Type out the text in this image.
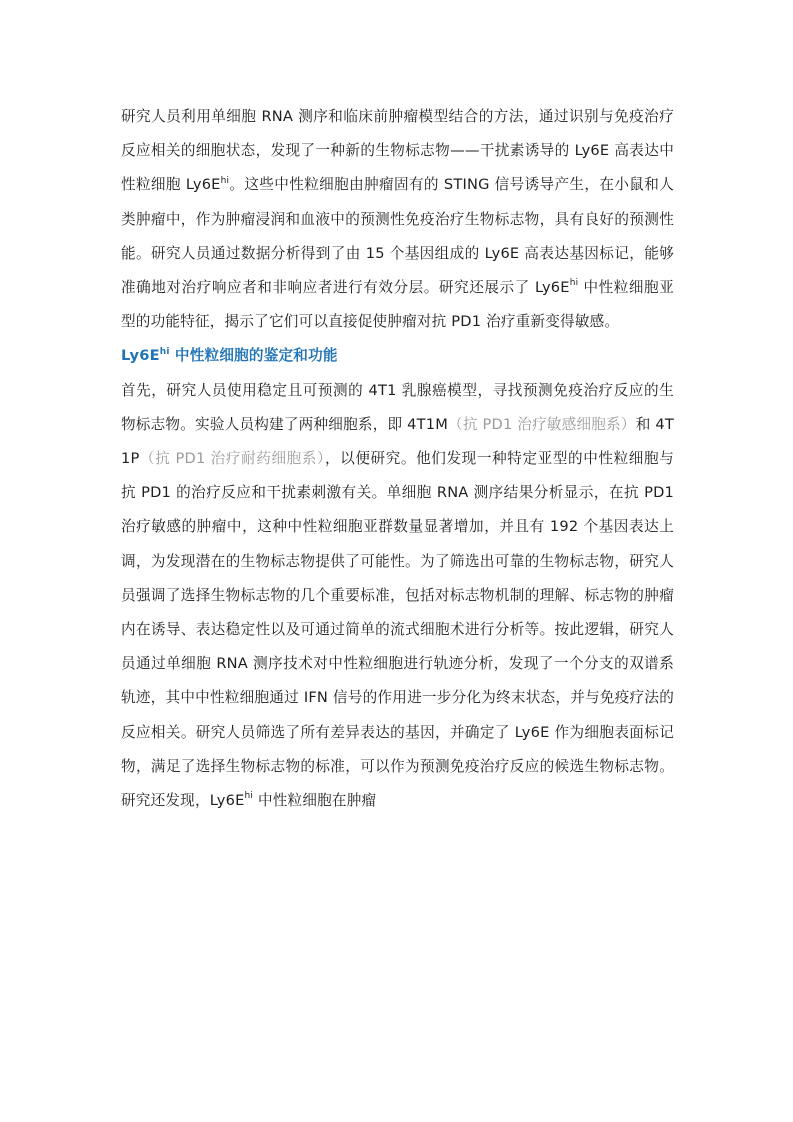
研究人员利用单细胞 RNA 测序和临床前肿瘤模型结合的方法，通过识别与免疫治疗反应相关的细胞状态，发现了一种新的生物标志物——干扰素诱导的 Ly6E 高表达中性粒细胞 $Ly6E^{hi}$。这些中性粒细胞由肿瘤固有的 STING 信号诱导产生，在小鼠和人类肿瘤中，作为肿瘤浸润和血液中的预测性免疫治疗生物标志物，具有良好的预测性能。研究人员通过数据分析得到了由 15 个基因组成的 Ly6E 高表达基因标记，能够准确地对治疗响应者和非响应者进行有效分层。研究还展示了 $Ly6E^{hi}$ 中性粒细胞亚型的功能特征，揭示了它们可以直接促使肿瘤对抗 PD1 治疗重新变得敏感。

$Ly6E^{hi}$ 中性粒细胞的鉴定和功能

首先，研究人员使用稳定且可预测的 4T1 乳腺癌模型，寻找预测免疫治疗反应的生物标志物。实验人员构建了两种细胞系，即 4T1M（抗 PD1 治疗敏感细胞系）和 4T1P（抗 PD1 治疗耐药细胞系），以便研究。他们发现一种特定亚型的中性粒细胞与抗 PD1 的治疗反应和干扰素刺激有关。单细胞 RNA 测序结果分析显示，在抗 PD1 治疗敏感的肿瘤中，这种中性粒细胞亚群数量显著增加，并且有 192 个基因表达上调，为发现潜在的生物标志物提供了可能性。为了筛选出可靠的生物标志物，研究人员强调了选择生物标志物的几个重要标准，包括对标志物机制的理解、标志物的肿瘤内在诱导、表达稳定性以及可通过简单的流式细胞术进行分析等。按此逻辑，研究人员通过单细胞 RNA 测序技术对中性粒细胞进行轨迹分析，发现了一个分支的双谱系轨迹，其中中性粒细胞通过 IFN 信号的作用进一步分化为终末状态，并与免疫疗法的反应相关。研究人员筛选了所有差异表达的基因，并确定了 Ly6E 作为细胞表面标记物，满足了选择生物标志物的标准，可以作为预测免疫治疗反应的候选生物标志物。研究还发现，$Ly6E^{hi}$ 中性粒细胞在肿瘤
